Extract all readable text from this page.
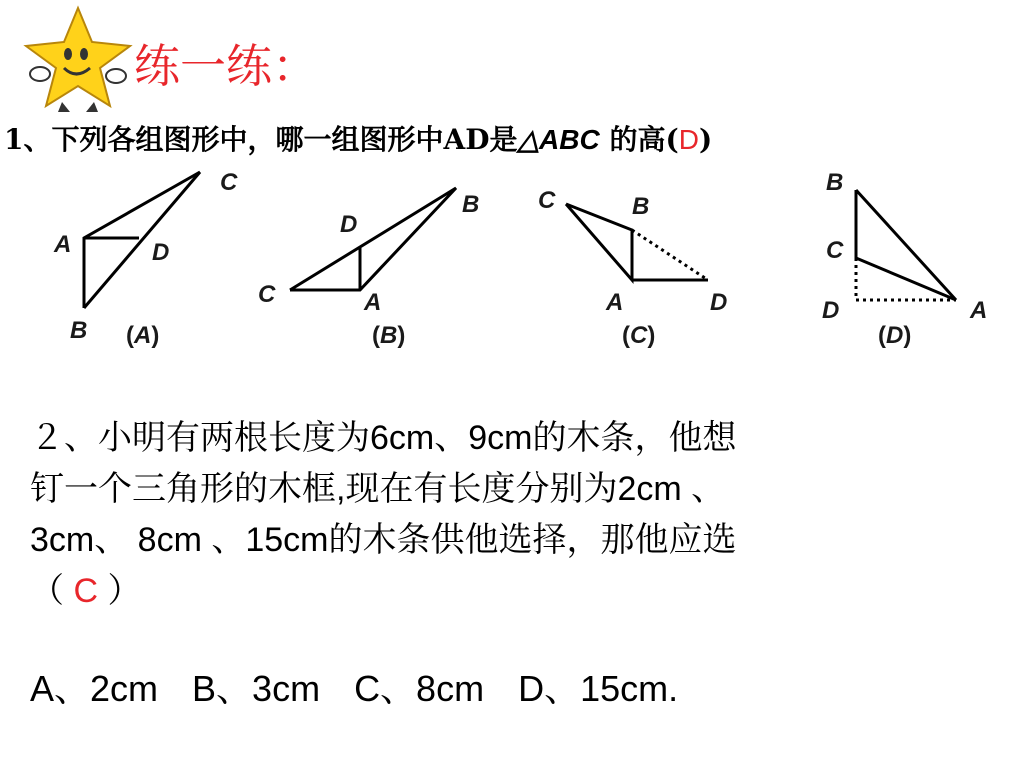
练一练：
1、下列各组图形中，哪一组图形中AD是△ABC 的高(D)
C
A	D
B (A)
B
D
C	A
(B)
C	B
A	D
(C)
B
C
D	A
(D)
２、小明有两根长度为6cm、9cm的木条，他想
钉一个三角形的木框,现在有长度分别为2cm 、
3cm、 8cm 、15cm的木条供他选择，那他应选
（ C ）
A、2cm B、3cm C、8cm D、15cm.
